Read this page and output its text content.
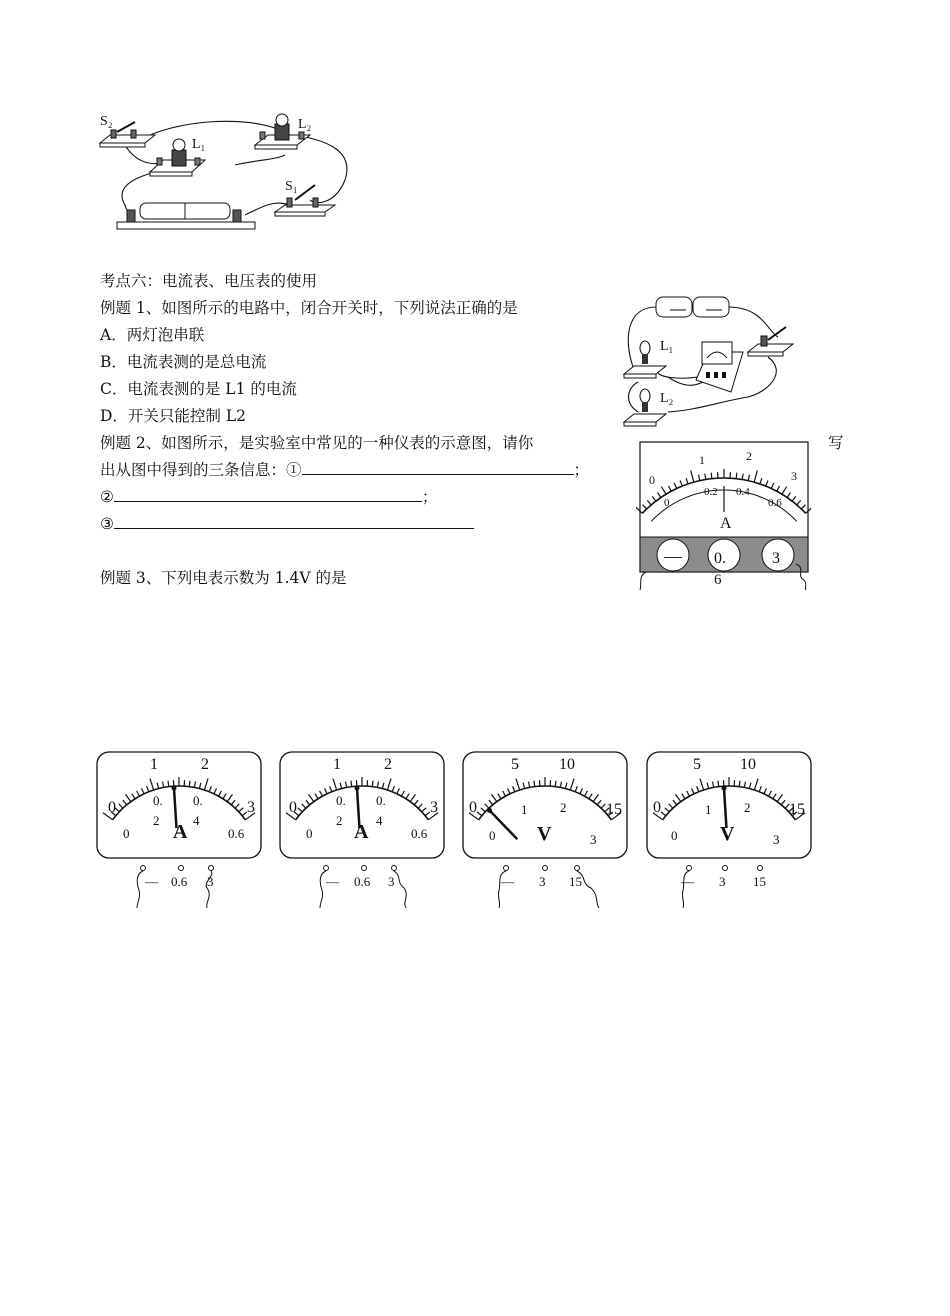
S₂
L₁
L₂
S₁
考点六：电流表、电压表的使用
例题 1、如图所示的电路中，闭合开关时，下列说法正确的是
A．两灯泡串联
B．电流表测的是总电流
C．电流表测的是 L1 的电流
D．开关只能控制 L2
例题 2、如图所示，是实验室中常见的一种仪表的示意图，请你	写
出从图中得到的三条信息：①	；
②	；
③
例题 3、下列电表示数为 1.4V 的是
L₁
L₂
0
1	2
3
0
0.2 0.4
0.6
A
— 0.	3
6
0
1	2
3
0.
2
0.
4
0	0.6
A
— 0.6 3
0
1	2
3
0.
2
0.
4
0	0.6
A
— 0.6 3
0
5	10
15
1	2
0	3
V
— 3 15
0
5 10
15
1	2
0	3
V
— 3 15
